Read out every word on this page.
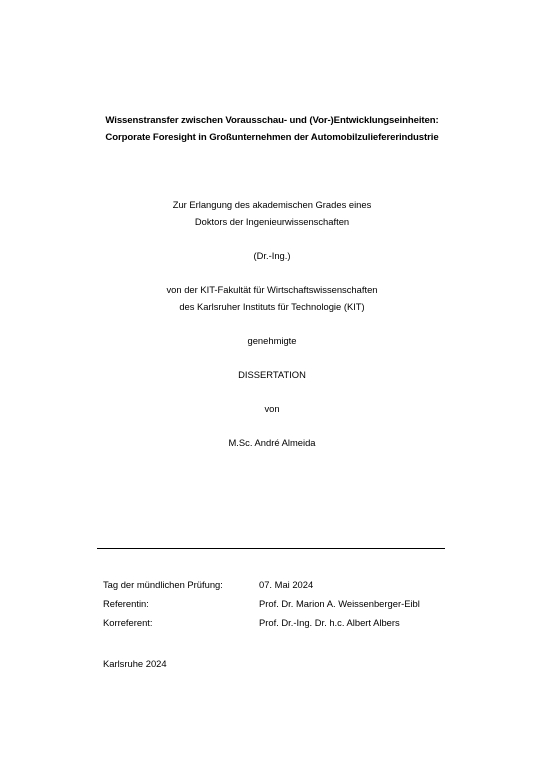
Wissenstransfer zwischen Vorausschau- und (Vor-)Entwicklungseinheiten:
Corporate Foresight in Großunternehmen der Automobilzuliefererindustrie
Zur Erlangung des akademischen Grades eines
Doktors der Ingenieurwissenschaften
(Dr.-Ing.)
von der KIT-Fakultät für Wirtschaftswissenschaften
des Karlsruher Instituts für Technologie (KIT)
genehmigte
DISSERTATION
von
M.Sc. André Almeida
Tag der mündlichen Prüfung:	07. Mai 2024
Referentin:	Prof. Dr. Marion A. Weissenberger-Eibl
Korreferent:	Prof. Dr.-Ing. Dr. h.c. Albert Albers
Karlsruhe 2024
